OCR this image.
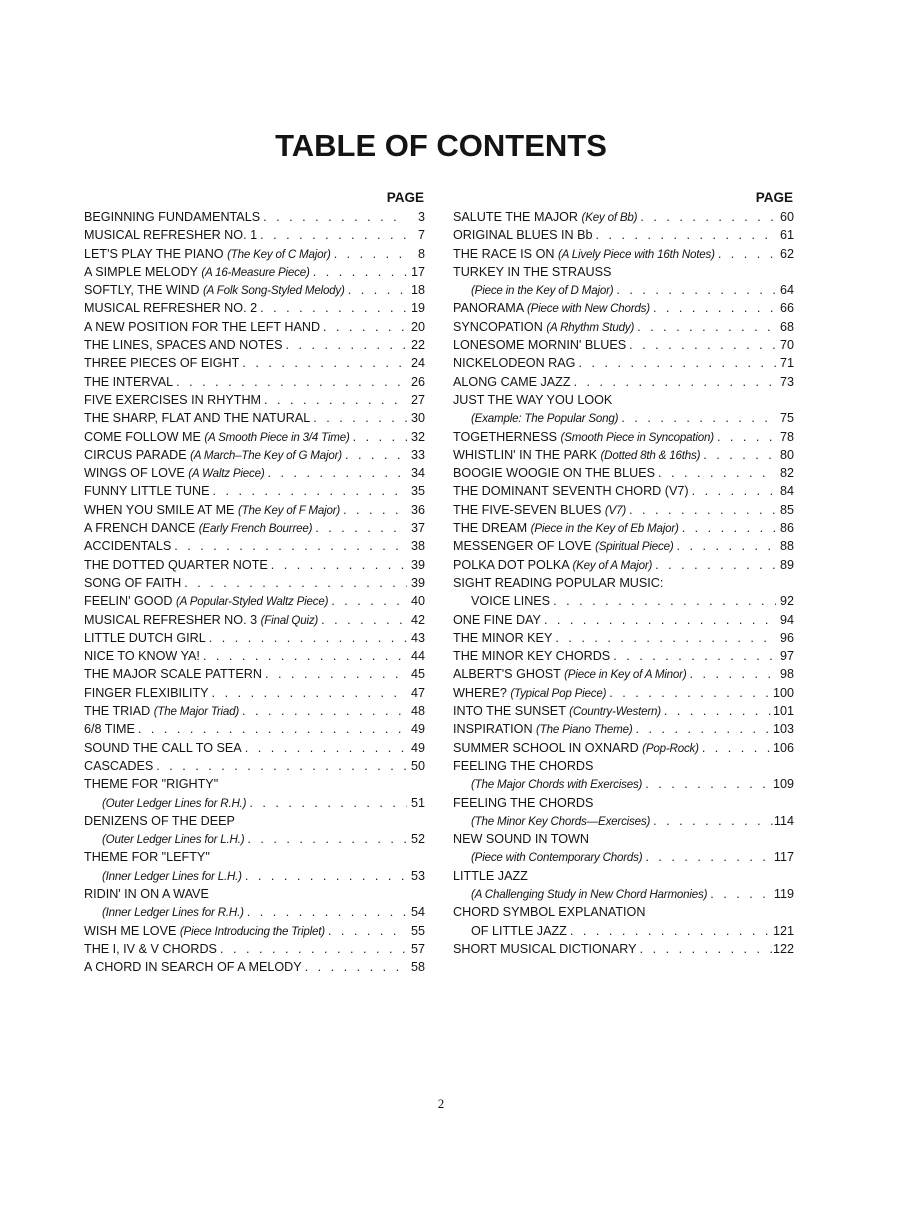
TABLE OF CONTENTS
PAGE
BEGINNING FUNDAMENTALS . . .	3
MUSICAL REFRESHER NO. 1 . . .	7
LET'S PLAY THE PIANO (The Key of C Major) . . .	8
A SIMPLE MELODY (A 16-Measure Piece) . . .	17
SOFTLY, THE WIND (A Folk Song-Styled Melody) . . .	18
MUSICAL REFRESHER NO. 2 . . .	19
A NEW POSITION FOR THE LEFT HAND . . .	20
THE LINES, SPACES AND NOTES . . .	22
THREE PIECES OF EIGHT . . .	24
THE INTERVAL . . .	26
FIVE EXERCISES IN RHYTHM . . .	27
THE SHARP, FLAT AND THE NATURAL . . .	30
COME FOLLOW ME (A Smooth Piece in 3/4 Time) . . .	32
CIRCUS PARADE (A March–The Key of G Major) . . .	33
WINGS OF LOVE (A Waltz Piece) . . .	34
FUNNY LITTLE TUNE . . .	35
WHEN YOU SMILE AT ME (The Key of F Major) . . .	36
A FRENCH DANCE (Early French Bourree) . . .	37
ACCIDENTALS . . .	38
THE DOTTED QUARTER NOTE . . .	39
SONG OF FAITH . . .	39
FEELIN' GOOD (A Popular-Styled Waltz Piece) . . .	40
MUSICAL REFRESHER NO. 3 (Final Quiz) . . .	42
LITTLE DUTCH GIRL . . .	43
NICE TO KNOW YA! . . .	44
THE MAJOR SCALE PATTERN . . .	45
FINGER FLEXIBILITY . . .	47
THE TRIAD (The Major Triad) . . .	48
6/8 TIME . . .	49
SOUND THE CALL TO SEA . . .	49
CASCADES . . .	50
THEME FOR "RIGHTY"
(Outer Ledger Lines for R.H.) . . .	51
DENIZENS OF THE DEEP
(Outer Ledger Lines for L.H.) . . .	52
THEME FOR "LEFTY"
(Inner Ledger Lines for L.H.) . . .	53
RIDIN' IN ON A WAVE
(Inner Ledger Lines for R.H.) . . .	54
WISH ME LOVE (Piece Introducing the Triplet) . . .	55
THE I, IV & V CHORDS . . .	57
A CHORD IN SEARCH OF A MELODY . . .	58
PAGE
SALUTE THE MAJOR (Key of Bb) . . .	60
ORIGINAL BLUES IN Bb . . .	61
THE RACE IS ON (A Lively Piece with 16th Notes) . . .	62
TURKEY IN THE STRAUSS
(Piece in the Key of D Major) . . .	64
PANORAMA (Piece with New Chords) . . .	66
SYNCOPATION (A Rhythm Study) . . .	68
LONESOME MORNIN' BLUES . . .	70
NICKELODEON RAG . . .	71
ALONG CAME JAZZ . . .	73
JUST THE WAY YOU LOOK
(Example: The Popular Song) . . .	75
TOGETHERNESS (Smooth Piece in Syncopation) . . .	78
WHISTLIN' IN THE PARK (Dotted 8th & 16ths) . . .	80
BOOGIE WOOGIE ON THE BLUES . . .	82
THE DOMINANT SEVENTH CHORD (V7) . . .	84
THE FIVE-SEVEN BLUES (V7) . . .	85
THE DREAM (Piece in the Key of Eb Major) . . .	86
MESSENGER OF LOVE (Spiritual Piece) . . .	88
POLKA DOT POLKA (Key of A Major) . . .	89
SIGHT READING POPULAR MUSIC:
VOICE LINES . . .	92
ONE FINE DAY . . .	94
THE MINOR KEY . . .	96
THE MINOR KEY CHORDS . . .	97
ALBERT'S GHOST (Piece in Key of A Minor) . . .	98
WHERE? (Typical Pop Piece) . . .	100
INTO THE SUNSET (Country-Western) . . .	101
INSPIRATION (The Piano Theme) . . .	103
SUMMER SCHOOL IN OXNARD (Pop-Rock) . . .	106
FEELING THE CHORDS
(The Major Chords with Exercises) . . .	109
FEELING THE CHORDS
(The Minor Key Chords—Exercises) . . .	114
NEW SOUND IN TOWN
(Piece with Contemporary Chords) . . .	117
LITTLE JAZZ
(A Challenging Study in New Chord Harmonies) . . .	119
CHORD SYMBOL EXPLANATION
OF LITTLE JAZZ . . .	121
SHORT MUSICAL DICTIONARY . . .	122
2
